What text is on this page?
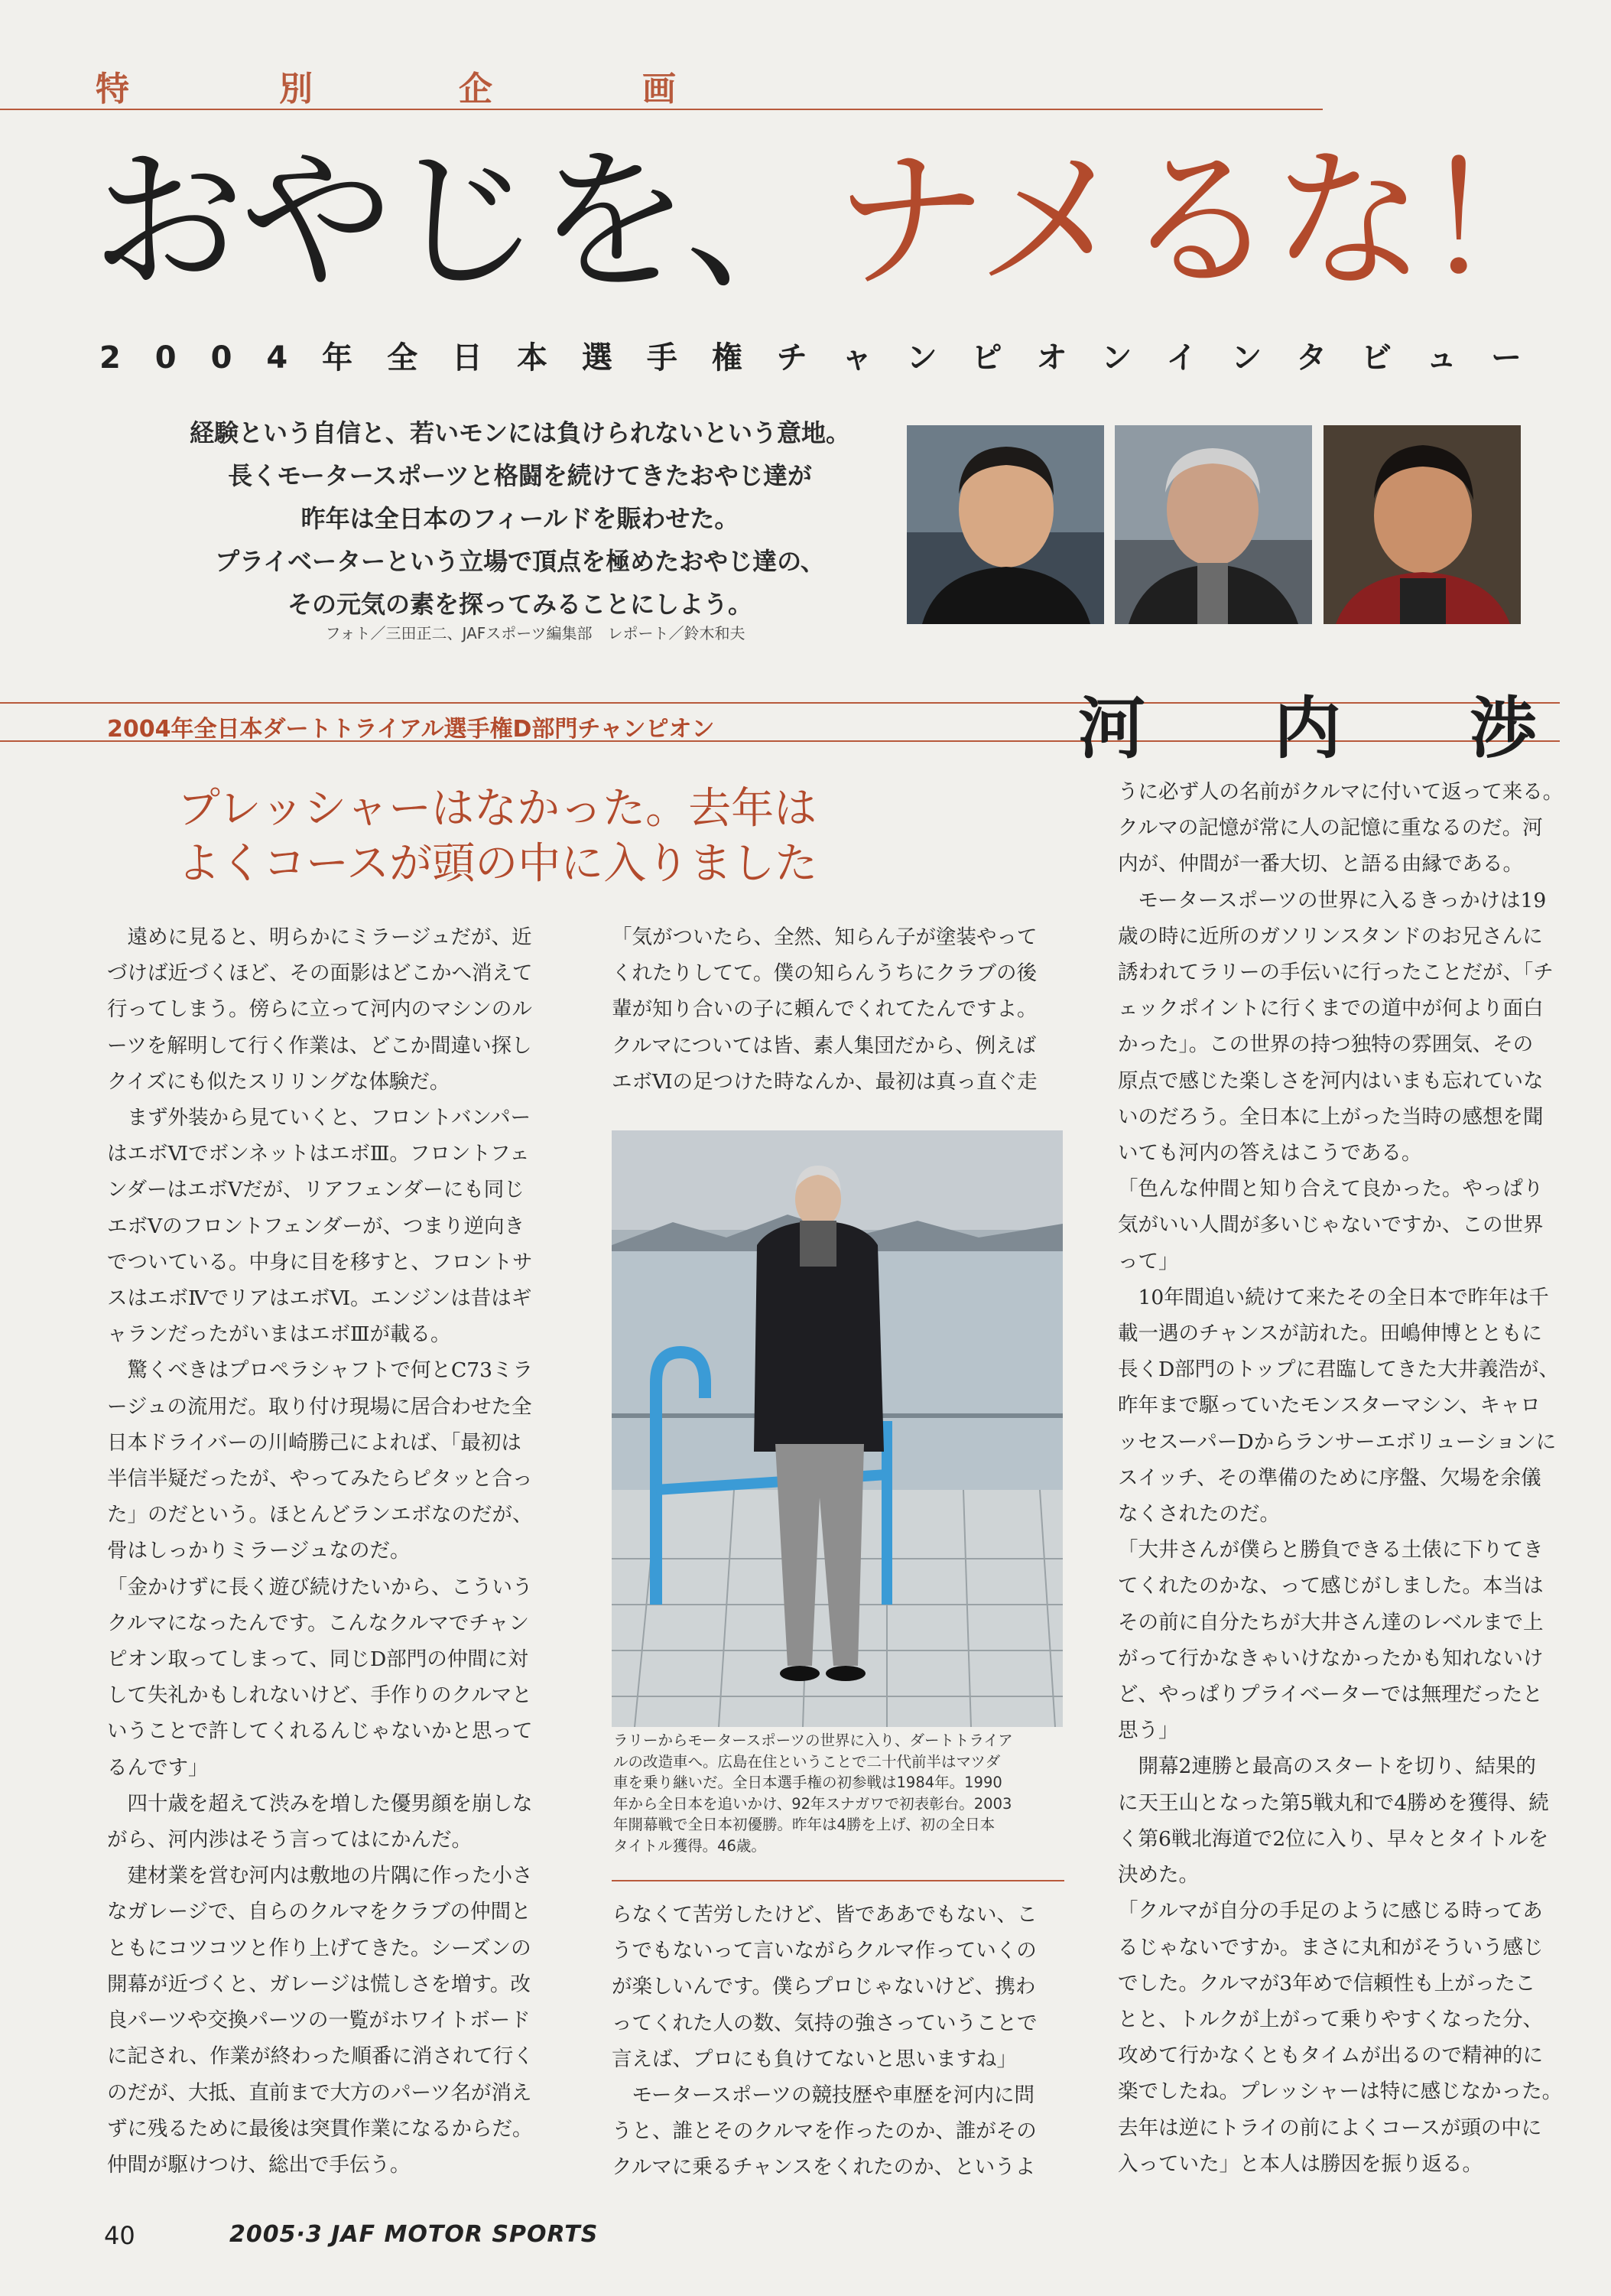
特	別	企	画
おやじを、ナメるな！
2 0 0 4 年 全 日 本 選 手 権 チ ャ ン ピ オ ン イ ン タ ビ ュ ー
経験という自信と、若いモンには負けられないという意地。
長くモータースポーツと格闘を続けてきたおやじ達が
昨年は全日本のフィールドを賑わせた。
プライベーターという立場で頂点を極めたおやじ達の、
その元気の素を探ってみることにしよう。
フォト／三田正二、JAFスポーツ編集部　レポート／鈴木和夫
2004年全日本ダートトライアル選手権D部門チャンピオン	河 内 渉
プレッシャーはなかった。去年は
よくコースが頭の中に入りました

　遠めに見ると、明らかにミラージュだが、近

づけば近づくほど、その面影はどこかへ消えて

行ってしまう。傍らに立って河内のマシンのル

ーツを解明して行く作業は、どこか間違い探し

クイズにも似たスリリングな体験だ。

　まず外装から見ていくと、フロントバンパー

はエボⅥでボンネットはエボⅢ。フロントフェ

ンダーはエボⅤだが、リアフェンダーにも同じ

エボⅤのフロントフェンダーが、つまり逆向き

でついている。中身に目を移すと、フロントサ

スはエボⅣでリアはエボⅥ。エンジンは昔はギ

ャランだったがいまはエボⅢが載る。

　驚くべきはプロペラシャフトで何とC73ミラ

ージュの流用だ。取り付け現場に居合わせた全

日本ドライバーの川崎勝己によれば、「最初は

半信半疑だったが、やってみたらピタッと合っ

た」のだという。ほとんどランエボなのだが、

骨はしっかりミラージュなのだ。

「金かけずに長く遊び続けたいから、こういう

クルマになったんです。こんなクルマでチャン

ピオン取ってしまって、同じD部門の仲間に対

して失礼かもしれないけど、手作りのクルマと

いうことで許してくれるんじゃないかと思って

るんです」

　四十歳を超えて渋みを増した優男顔を崩しな

がら、河内渉はそう言ってはにかんだ。

　建材業を営む河内は敷地の片隅に作った小さ

なガレージで、自らのクルマをクラブの仲間と

ともにコツコツと作り上げてきた。シーズンの

開幕が近づくと、ガレージは慌しさを増す。改

良パーツや交換パーツの一覧がホワイトボード

に記され、作業が終わった順番に消されて行く

のだが、大抵、直前まで大方のパーツ名が消え

ずに残るために最後は突貫作業になるからだ。

仲間が駆けつけ、総出で手伝う。

「気がついたら、全然、知らん子が塗装やって

くれたりしてて。僕の知らんうちにクラブの後

輩が知り合いの子に頼んでくれてたんですよ。

クルマについては皆、素人集団だから、例えば

エボⅥの足つけた時なんか、最初は真っ直ぐ走

ラリーからモータースポーツの世界に入り、ダートトライア

ルの改造車へ。広島在住ということで二十代前半はマツダ

車を乗り継いだ。全日本選手権の初参戦は1984年。1990

年から全日本を追いかけ、92年スナガワで初表彰台。2003

年開幕戦で全日本初優勝。昨年は4勝を上げ、初の全日本

タイトル獲得。46歳。

らなくて苦労したけど、皆でああでもない、こ

うでもないって言いながらクルマ作っていくの

が楽しいんです。僕らプロじゃないけど、携わ

ってくれた人の数、気持の強さっていうことで

言えば、プロにも負けてないと思いますね」

　モータースポーツの競技歴や車歴を河内に問

うと、誰とそのクルマを作ったのか、誰がその

クルマに乗るチャンスをくれたのか、というよ

うに必ず人の名前がクルマに付いて返って来る。

クルマの記憶が常に人の記憶に重なるのだ。河

内が、仲間が一番大切、と語る由縁である。

　モータースポーツの世界に入るきっかけは19

歳の時に近所のガソリンスタンドのお兄さんに

誘われてラリーの手伝いに行ったことだが、「チ

ェックポイントに行くまでの道中が何より面白

かった」。この世界の持つ独特の雰囲気、その

原点で感じた楽しさを河内はいまも忘れていな

いのだろう。全日本に上がった当時の感想を聞

いても河内の答えはこうである。

「色んな仲間と知り合えて良かった。やっぱり

気がいい人間が多いじゃないですか、この世界

って」

　10年間追い続けて来たその全日本で昨年は千

載一遇のチャンスが訪れた。田嶋伸博とともに

長くD部門のトップに君臨してきた大井義浩が、

昨年まで駆っていたモンスターマシン、キャロ

ッセスーパーDからランサーエボリューションに

スイッチ、その準備のために序盤、欠場を余儀

なくされたのだ。

「大井さんが僕らと勝負できる土俵に下りてき

てくれたのかな、って感じがしました。本当は

その前に自分たちが大井さん達のレベルまで上

がって行かなきゃいけなかったかも知れないけ

ど、やっぱりプライベーターでは無理だったと

思う」

　開幕2連勝と最高のスタートを切り、結果的

に天王山となった第5戦丸和で4勝めを獲得、続

く第6戦北海道で2位に入り、早々とタイトルを

決めた。

「クルマが自分の手足のように感じる時ってあ

るじゃないですか。まさに丸和がそういう感じ

でした。クルマが3年めで信頼性も上がったこ

とと、トルクが上がって乗りやすくなった分、

攻めて行かなくともタイムが出るので精神的に

楽でしたね。プレッシャーは特に感じなかった。

去年は逆にトライの前によくコースが頭の中に

入っていた」と本人は勝因を振り返る。

40	2005·3 JAF MOTOR SPORTS
